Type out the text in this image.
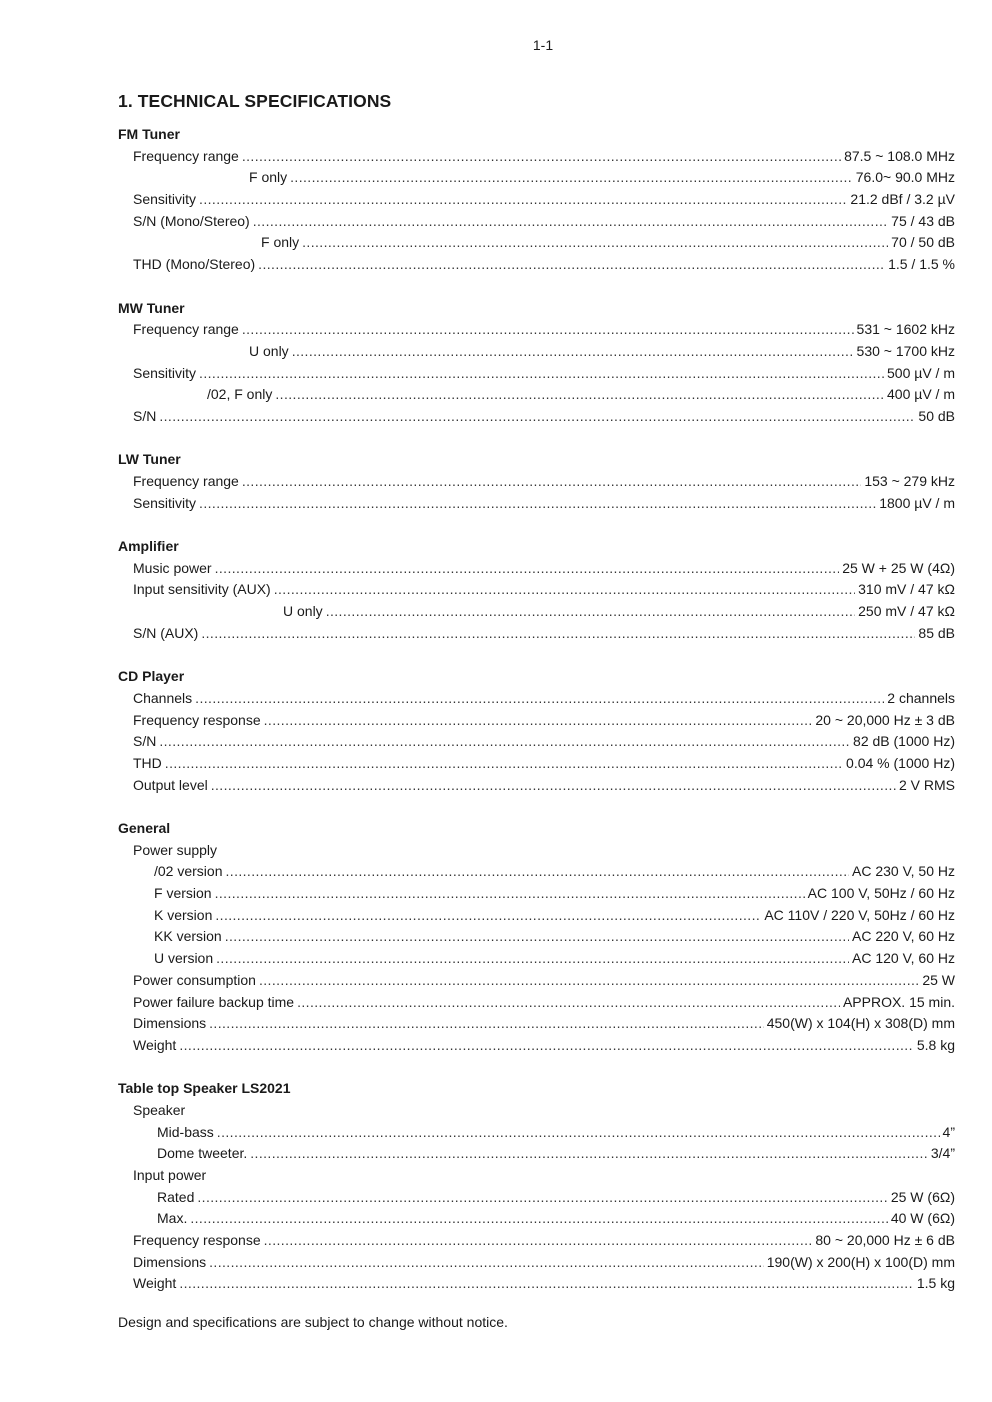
1-1
1. TECHNICAL SPECIFICATIONS
FM Tuner
Frequency range .....	87.5 ~ 108.0 MHz
F only .....	76.0~ 90.0 MHz
Sensitivity .....	21.2 dBf / 3.2 µV
S/N (Mono/Stereo) .....	75 / 43 dB
F only .....	70 / 50 dB
THD (Mono/Stereo) .....	1.5 / 1.5 %
MW Tuner
Frequency range .....	531 ~ 1602 kHz
U only .....	530 ~ 1700 kHz
Sensitivity .....	500 µV / m
/02, F only .....	400 µV / m
S/N .....	50 dB
LW Tuner
Frequency range .....	153 ~ 279 kHz
Sensitivity .....	1800 µV / m
Amplifier
Music power .....	25 W + 25 W (4Ω)
Input sensitivity (AUX) .....	310 mV / 47 kΩ
U only .....	250 mV / 47 kΩ
S/N (AUX) .....	85 dB
CD Player
Channels .....	2 channels
Frequency response .....	20 ~ 20,000 Hz ± 3 dB
S/N .....	82 dB (1000 Hz)
THD .....	0.04 % (1000 Hz)
Output level .....	2 V RMS
General
Power supply
/02 version .....	AC 230 V, 50 Hz
F version .....	AC 100 V, 50Hz / 60 Hz
K version .....	AC 110V / 220 V, 50Hz / 60 Hz
KK version .....	AC 220 V, 60 Hz
U version .....	AC 120 V, 60 Hz
Power consumption .....	25 W
Power failure backup time .....	APPROX. 15 min.
Dimensions .....	450(W) x 104(H) x 308(D) mm
Weight .....	5.8 kg
Table top Speaker LS2021
Speaker
Mid-bass .....	4”
Dome tweeter. .....	3/4”
Input power
Rated .....	25 W (6Ω)
Max. .....	40 W (6Ω)
Frequency response .....	80 ~ 20,000 Hz ± 6 dB
Dimensions .....	190(W) x 200(H) x 100(D) mm
Weight .....	1.5 kg
Design and specifications are subject to change without notice.
